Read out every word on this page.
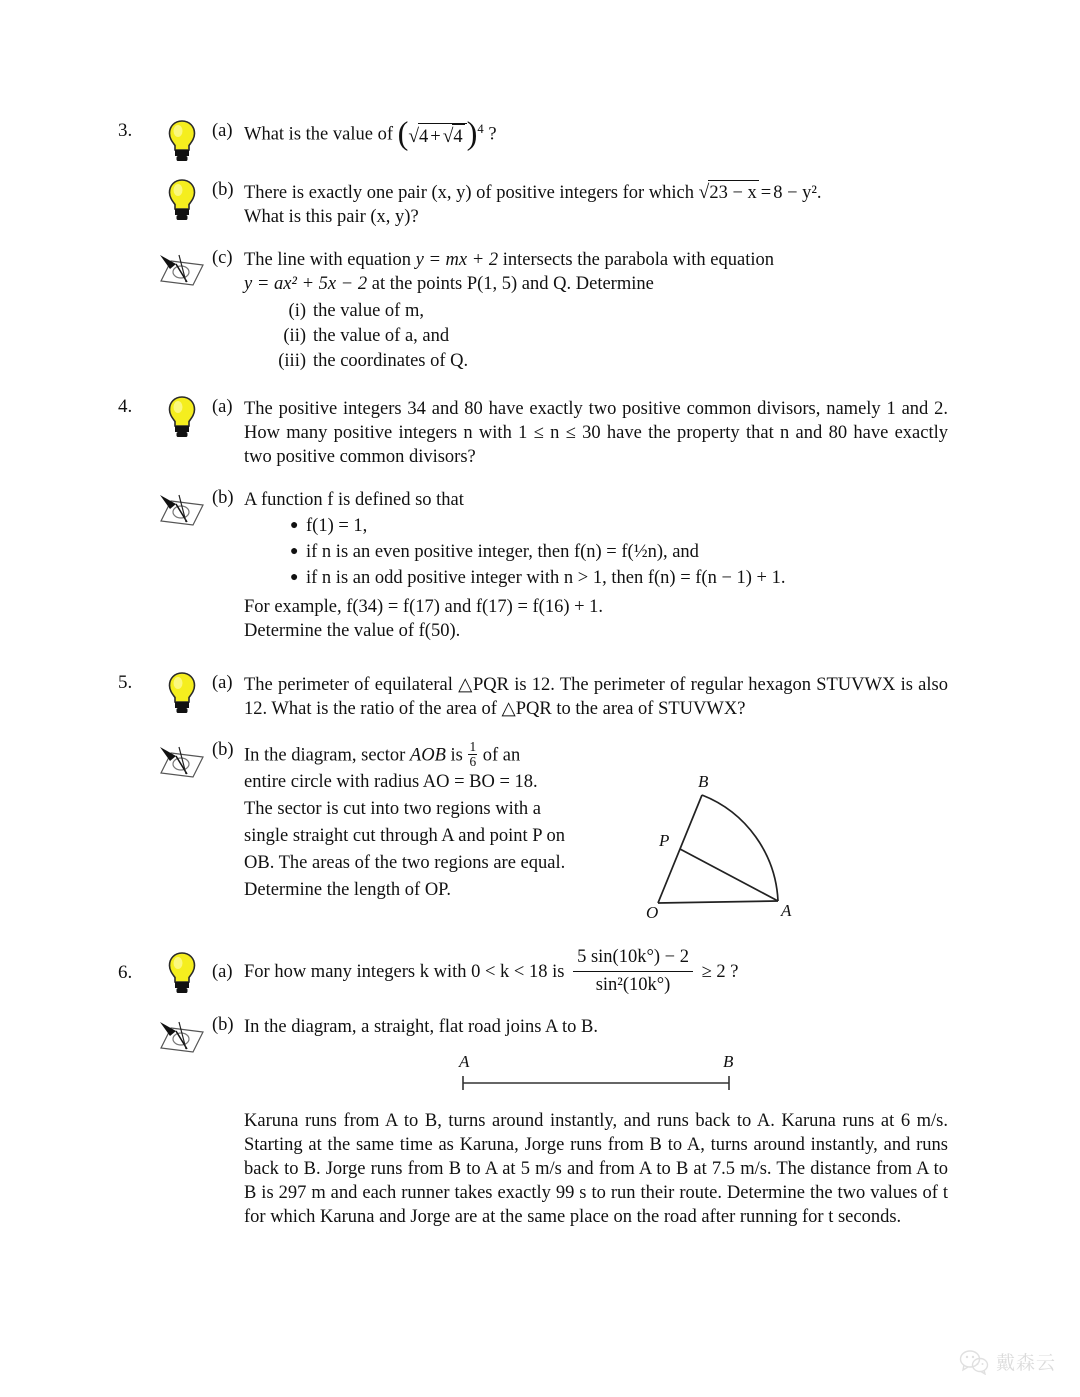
3.	(a) What is the value of (√4 + √4 )$^4$ ?
(b) There is exactly one pair (x, y) of positive integers for which √23 − x = 8 − y².
What is this pair (x, y)?
(c) The line with equation y = mx + 2 intersects the parabola with equation
y = ax² + 5x − 2 at the points P(1, 5) and Q. Determine
(i) the value of m,
(ii) the value of a, and
(iii) the coordinates of Q.
4.	(a) The positive integers 34 and 80 have exactly two positive common divisors, namely 1 and 2. How many positive integers n with 1 ≤ n ≤ 30 have the property that n and 80 have exactly two positive common divisors?
(b) A function f is defined so that
● f(1) = 1,
● if n is an even positive integer, then f(n) = f(½n), and
● if n is an odd positive integer with n > 1, then f(n) = f(n − 1) + 1.
For example, f(34) = f(17) and f(17) = f(16) + 1.
Determine the value of f(50).
5.	(a) The perimeter of equilateral △PQR is 12. The perimeter of regular hexagon STUVWX is also 12. What is the ratio of the area of △PQR to the area of STUVWX?
(b) In the diagram, sector AOB is $\frac{1}{6}$ of an
entire circle with radius AO = BO = 18.
The sector is cut into two regions with a
single straight cut through A and point P on
OB. The areas of the two regions are equal.
Determine the length of OP.
B
P
O	A
6.	(a) For how many integers k with 0 < k < 18 is $\frac{5 \sin(10k^\circ) - 2}{\text{sin²(10k°)}} \ge 2$ ?
(b) In the diagram, a straight, flat road joins A to B.
A	B
Karuna runs from A to B, turns around instantly, and runs back to A. Karuna runs at 6 m/s. Starting at the same time as Karuna, Jorge runs from B to A, turns around instantly, and runs back to B. Jorge runs from B to A at 5 m/s and from A to B at 7.5 m/s. The distance from A to B is 297 m and each runner takes exactly 99 s to run their route. Determine the two values of t for which Karuna and Jorge are at the same place on the road after running for t seconds.
戴森云
